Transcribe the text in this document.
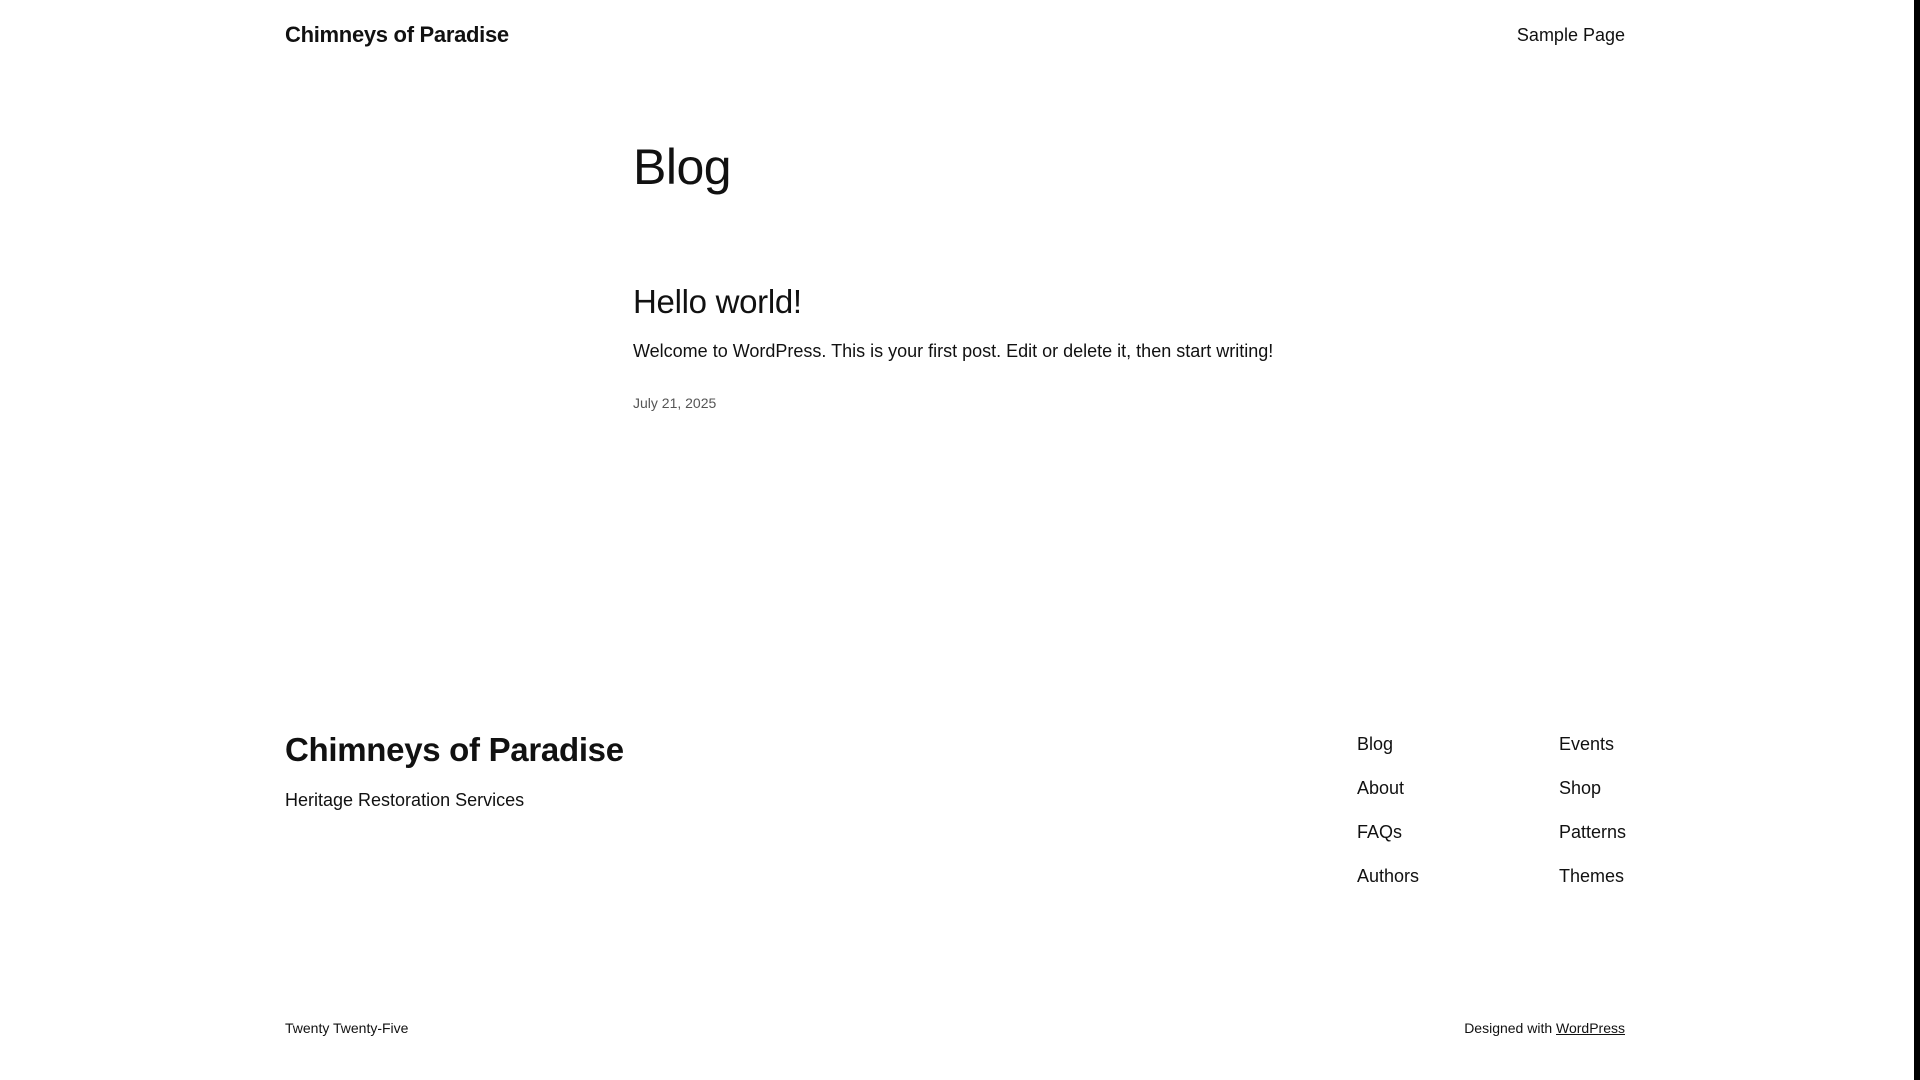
Chimneys of Paradise	Sample Page
Blog
Hello world!

Welcome to WordPress. This is your first post. Edit or delete it, then start writing!

July 21, 2025
Chimneys of Paradise

Heritage Restoration Services

Blog
About
FAQs
Authors
Events
Shop
Patterns
Themes

Twenty Twenty-Five	Designed with WordPress
